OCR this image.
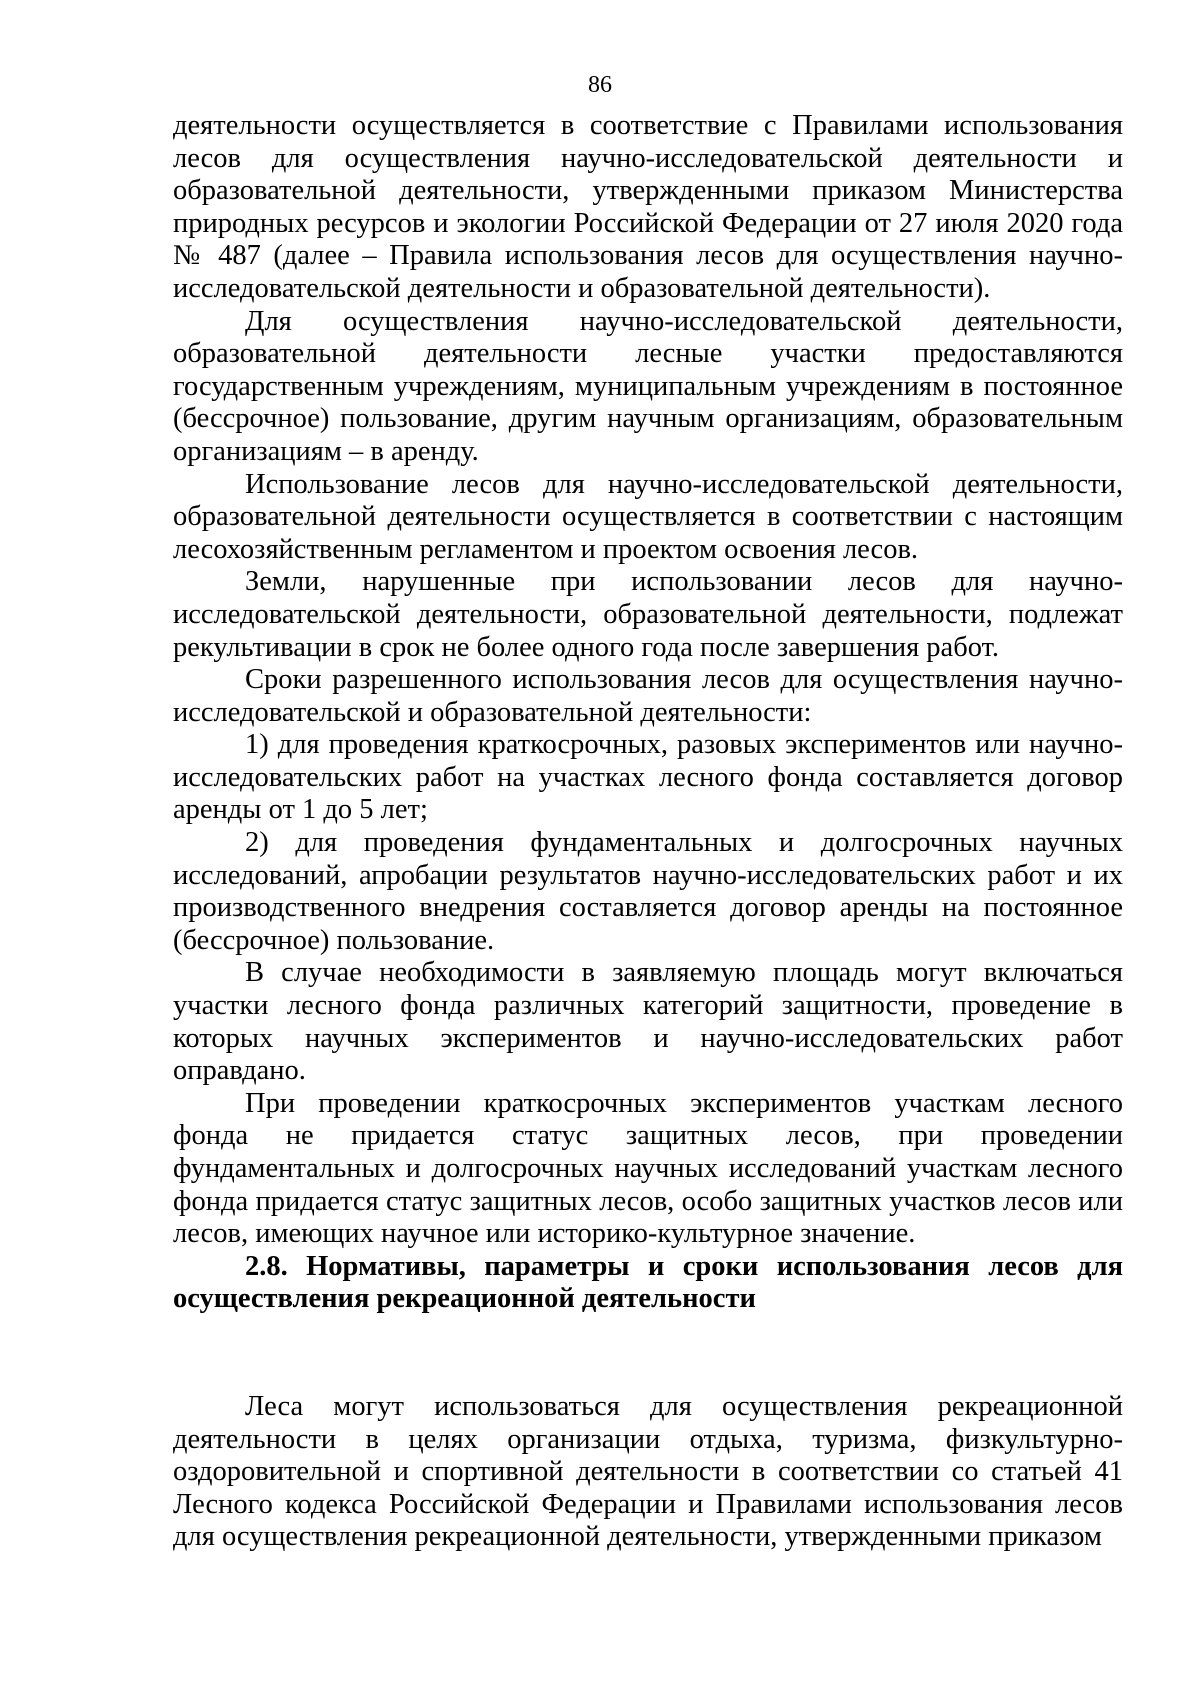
86

деятельности осуществляется в соответствие с Правилами использования лесов для осуществления научно-исследовательской деятельности и образовательной деятельности, утвержденными приказом Министерства природных ресурсов и экологии Российской Федерации от 27 июля 2020 года № 487 (далее – Правила использования лесов для осуществления научно-исследовательской деятельности и образовательной деятельности).

Для осуществления научно-исследовательской деятельности, образовательной деятельности лесные участки предоставляются государственным учреждениям, муниципальным учреждениям в постоянное (бессрочное) пользование, другим научным организациям, образовательным организациям – в аренду.

Использование лесов для научно-исследовательской деятельности, образовательной деятельности осуществляется в соответствии с настоящим лесохозяйственным регламентом и проектом освоения лесов.

Земли, нарушенные при использовании лесов для научно-исследовательской деятельности, образовательной деятельности, подлежат рекультивации в срок не более одного года после завершения работ.

Сроки разрешенного использования лесов для осуществления научно-исследовательской и образовательной деятельности:

1) для проведения краткосрочных, разовых экспериментов или научно-исследовательских работ на участках лесного фонда составляется договор аренды от 1 до 5 лет;

2) для проведения фундаментальных и долгосрочных научных исследований, апробации результатов научно-исследовательских работ и их производственного внедрения составляется договор аренды на постоянное (бессрочное) пользование.

В случае необходимости в заявляемую площадь могут включаться участки лесного фонда различных категорий защитности, проведение в которых научных экспериментов и научно-исследовательских работ оправдано.

При проведении краткосрочных экспериментов участкам лесного фонда не придается статус защитных лесов, при проведении фундаментальных и долгосрочных научных исследований участкам лесного фонда придается статус защитных лесов, особо защитных участков лесов или лесов, имеющих научное или историко-культурное значение.

2.8. Нормативы, параметры и сроки использования лесов для осуществления рекреационной деятельности

Леса могут использоваться для осуществления рекреационной деятельности в целях организации отдыха, туризма, физкультурно-оздоровительной и спортивной деятельности в соответствии со статьей 41 Лесного кодекса Российской Федерации и Правилами использования лесов для осуществления рекреационной деятельности, утвержденными приказом
